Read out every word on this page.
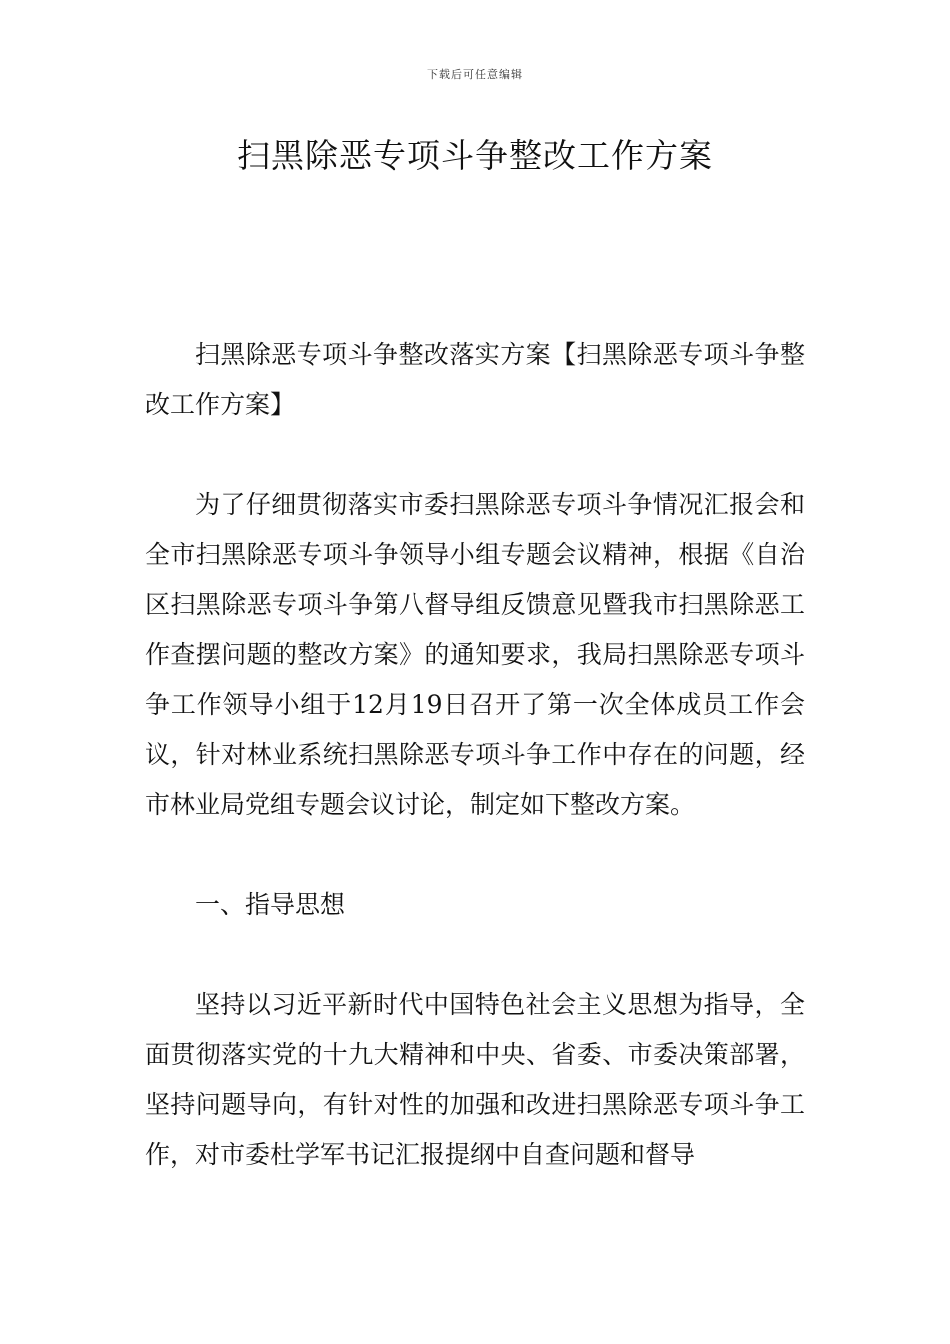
下载后可任意编辑
扫黑除恶专项斗争整改工作方案

扫黑除恶专项斗争整改落实方案【扫黑除恶专项斗争整改工作方案】

为了仔细贯彻落实市委扫黑除恶专项斗争情况汇报会和全市扫黑除恶专项斗争领导小组专题会议精神，根据《自治区扫黑除恶专项斗争第八督导组反馈意见暨我市扫黑除恶工作查摆问题的整改方案》的通知要求，我局扫黑除恶专项斗争工作领导小组于12月19日召开了第一次全体成员工作会议，针对林业系统扫黑除恶专项斗争工作中存在的问题，经市林业局党组专题会议讨论，制定如下整改方案。

一、指导思想

坚持以习近平新时代中国特色社会主义思想为指导，全面贯彻落实党的十九大精神和中央、省委、市委决策部署，坚持问题导向，有针对性的加强和改进扫黑除恶专项斗争工作，对市委杜学军书记汇报提纲中自查问题和督导
